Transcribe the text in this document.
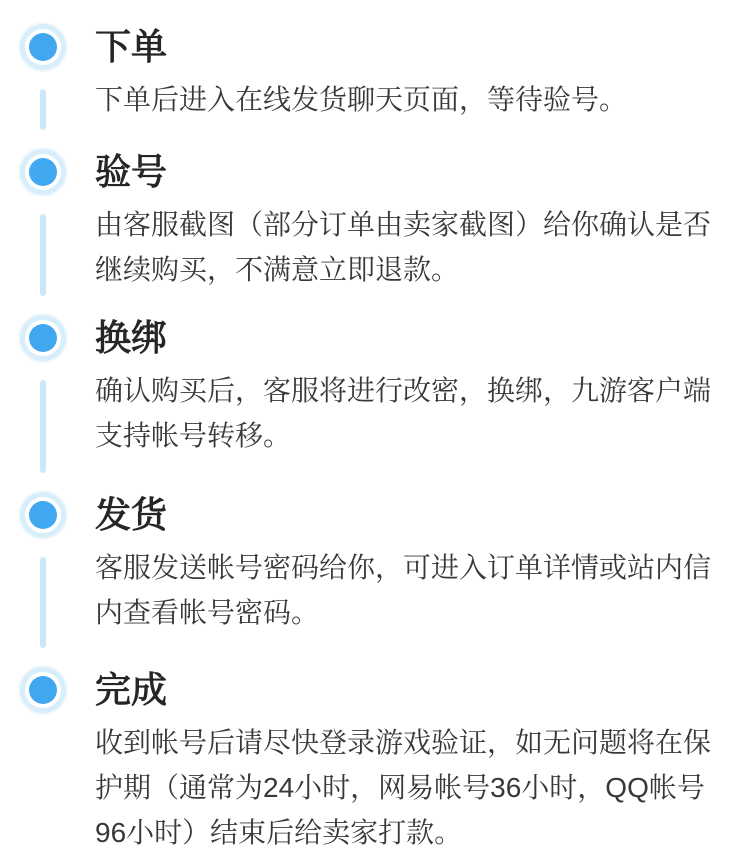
下单
下单后进入在线发货聊天页面，等待验号。
验号
由客服截图（部分订单由卖家截图）给你确认是否继续购买，不满意立即退款。
换绑
确认购买后，客服将进行改密，换绑，九游客户端支持帐号转移。
发货
客服发送帐号密码给你，可进入订单详情或站内信内查看帐号密码。
完成
收到帐号后请尽快登录游戏验证，如无问题将在保护期（通常为24小时，网易帐号36小时，QQ帐号96小时）结束后给卖家打款。
